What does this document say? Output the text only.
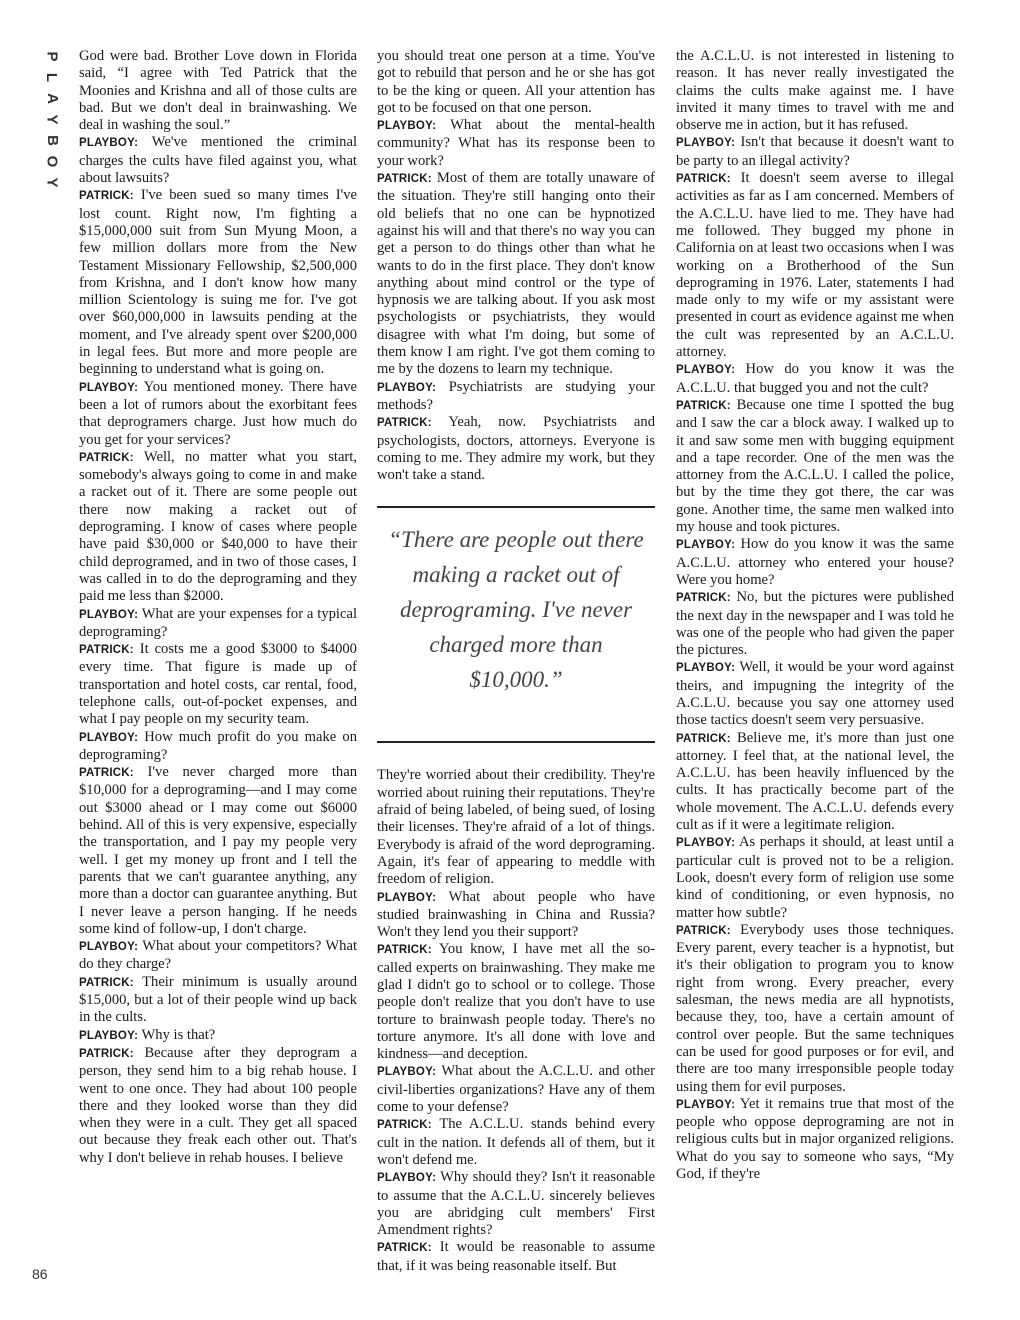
P
L
A
Y
B
O
Y

God were bad. Brother Love down in Florida said, “I agree with Ted Patrick that the Moonies and Krishna and all of those cults are bad. But we don't deal in brainwashing. We deal in washing the soul.”

PLAYBOY: We've mentioned the criminal charges the cults have filed against you, what about lawsuits?

PATRICK: I've been sued so many times I've lost count. Right now, I'm fighting a $15,000,000 suit from Sun Myung Moon, a few million dollars more from the New Testament Missionary Fellowship, $2,500,000 from Krishna, and I don't know how many million Scientology is suing me for. I've got over $60,000,000 in lawsuits pending at the moment, and I've already spent over $200,000 in legal fees. But more and more people are beginning to understand what is going on.

PLAYBOY: You mentioned money. There have been a lot of rumors about the exorbitant fees that deprogramers charge. Just how much do you get for your services?

PATRICK: Well, no matter what you start, somebody's always going to come in and make a racket out of it. There are some people out there now making a racket out of deprograming. I know of cases where people have paid $30,000 or $40,000 to have their child deprogramed, and in two of those cases, I was called in to do the deprograming and they paid me less than $2000.

PLAYBOY: What are your expenses for a typical deprograming?

PATRICK: It costs me a good $3000 to $4000 every time. That figure is made up of transportation and hotel costs, car rental, food, telephone calls, out-of-pocket expenses, and what I pay people on my security team.

PLAYBOY: How much profit do you make on deprograming?

PATRICK: I've never charged more than $10,000 for a deprograming—and I may come out $3000 ahead or I may come out $6000 behind. All of this is very expensive, especially the transportation, and I pay my people very well. I get my money up front and I tell the parents that we can't guarantee anything, any more than a doctor can guarantee anything. But I never leave a person hanging. If he needs some kind of follow-up, I don't charge.

PLAYBOY: What about your competitors? What do they charge?

PATRICK: Their minimum is usually around $15,000, but a lot of their people wind up back in the cults.

PLAYBOY: Why is that?

PATRICK: Because after they deprogram a person, they send him to a big rehab house. I went to one once. They had about 100 people there and they looked worse than they did when they were in a cult. They get all spaced out because they freak each other out. That's why I don't believe in rehab houses. I believe

you should treat one person at a time. You've got to rebuild that person and he or she has got to be the king or queen. All your attention has got to be focused on that one person.

PLAYBOY: What about the mental-health community? What has its response been to your work?

PATRICK: Most of them are totally unaware of the situation. They're still hanging onto their old beliefs that no one can be hypnotized against his will and that there's no way you can get a person to do things other than what he wants to do in the first place. They don't know anything about mind control or the type of hypnosis we are talking about. If you ask most psychologists or psychiatrists, they would disagree with what I'm doing, but some of them know I am right. I've got them coming to me by the dozens to learn my technique.

PLAYBOY: Psychiatrists are studying your methods?

PATRICK: Yeah, now. Psychiatrists and psychologists, doctors, attorneys. Everyone is coming to me. They admire my work, but they won't take a stand.

“There are people out there making a racket out of deprograming. I've never charged more than $10,000.”

They're worried about their credibility. They're worried about ruining their reputations. They're afraid of being labeled, of being sued, of losing their licenses. They're afraid of a lot of things. Everybody is afraid of the word deprograming. Again, it's fear of appearing to meddle with freedom of religion.

PLAYBOY: What about people who have studied brainwashing in China and Russia? Won't they lend you their support?

PATRICK: You know, I have met all the so-called experts on brainwashing. They make me glad I didn't go to school or to college. Those people don't realize that you don't have to use torture to brainwash people today. There's no torture anymore. It's all done with love and kindness—and deception.

PLAYBOY: What about the A.C.L.U. and other civil-liberties organizations? Have any of them come to your defense?

PATRICK: The A.C.L.U. stands behind every cult in the nation. It defends all of them, but it won't defend me.

PLAYBOY: Why should they? Isn't it reasonable to assume that the A.C.L.U. sincerely believes you are abridging cult members' First Amendment rights?

PATRICK: It would be reasonable to assume that, if it was being reasonable itself. But

the A.C.L.U. is not interested in listening to reason. It has never really investigated the claims the cults make against me. I have invited it many times to travel with me and observe me in action, but it has refused.

PLAYBOY: Isn't that because it doesn't want to be party to an illegal activity?

PATRICK: It doesn't seem averse to illegal activities as far as I am concerned. Members of the A.C.L.U. have lied to me. They have had me followed. They bugged my phone in California on at least two occasions when I was working on a Brotherhood of the Sun deprograming in 1976. Later, statements I had made only to my wife or my assistant were presented in court as evidence against me when the cult was represented by an A.C.L.U. attorney.

PLAYBOY: How do you know it was the A.C.L.U. that bugged you and not the cult?

PATRICK: Because one time I spotted the bug and I saw the car a block away. I walked up to it and saw some men with bugging equipment and a tape recorder. One of the men was the attorney from the A.C.L.U. I called the police, but by the time they got there, the car was gone. Another time, the same men walked into my house and took pictures.

PLAYBOY: How do you know it was the same A.C.L.U. attorney who entered your house? Were you home?

PATRICK: No, but the pictures were published the next day in the newspaper and I was told he was one of the people who had given the paper the pictures.

PLAYBOY: Well, it would be your word against theirs, and impugning the integrity of the A.C.L.U. because you say one attorney used those tactics doesn't seem very persuasive.

PATRICK: Believe me, it's more than just one attorney. I feel that, at the national level, the A.C.L.U. has been heavily influenced by the cults. It has practically become part of the whole movement. The A.C.L.U. defends every cult as if it were a legitimate religion.

PLAYBOY: As perhaps it should, at least until a particular cult is proved not to be a religion. Look, doesn't every form of religion use some kind of conditioning, or even hypnosis, no matter how subtle?

PATRICK: Everybody uses those techniques. Every parent, every teacher is a hypnotist, but it's their obligation to program you to know right from wrong. Every preacher, every salesman, the news media are all hypnotists, because they, too, have a certain amount of control over people. But the same techniques can be used for good purposes or for evil, and there are too many irresponsible people today using them for evil purposes.

PLAYBOY: Yet it remains true that most of the people who oppose deprograming are not in religious cults but in major organized religions. What do you say to someone who says, “My God, if they're

86
